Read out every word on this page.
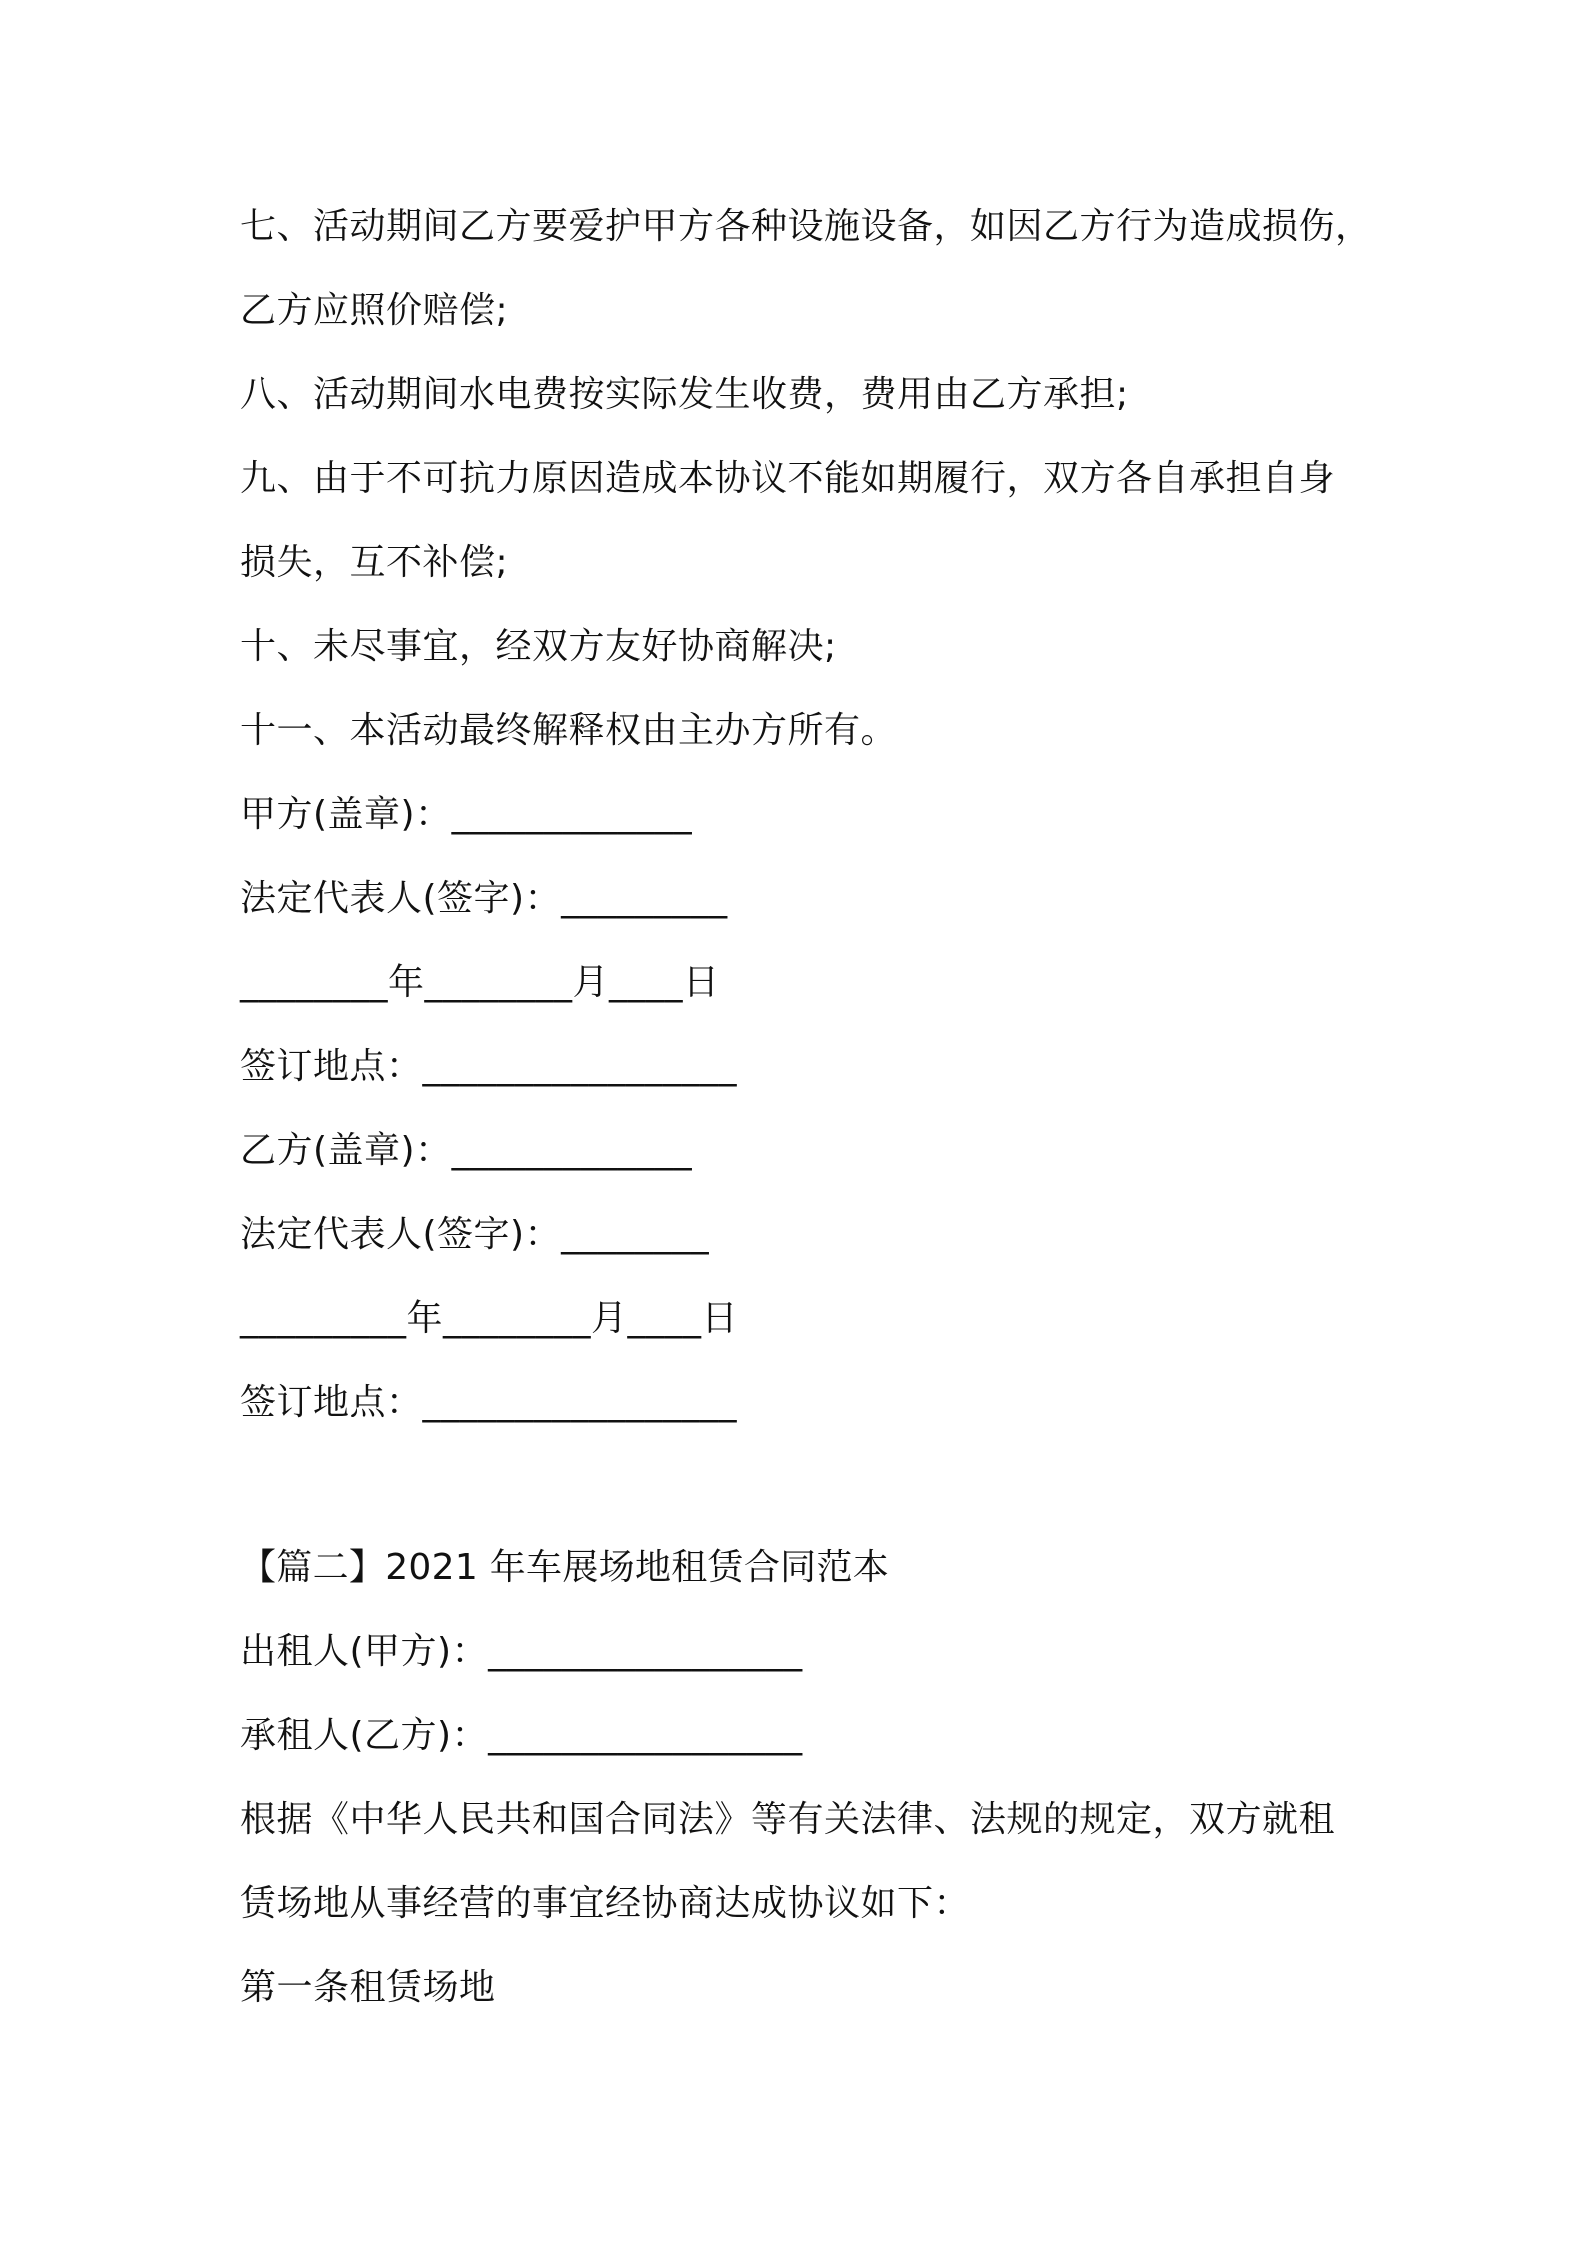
七、活动期间乙方要爱护甲方各种设施设备，如因乙方行为造成损伤，
乙方应照价赔偿;
八、活动期间水电费按实际发生收费，费用由乙方承担;
九、由于不可抗力原因造成本协议不能如期履行，双方各自承担自身
损失，互不补偿;
十、未尽事宜，经双方友好协商解决;
十一、本活动最终解释权由主办方所有。
甲方(盖章)：_____________
法定代表人(签字)：_________
________年________月____日
签订地点：_________________
乙方(盖章)：_____________
法定代表人(签字)：________
_________年________月____日
签订地点：_________________
【篇二】2021 年车展场地租赁合同范本
出租人(甲方)：_________________
承租人(乙方)：_________________
根据《中华人民共和国合同法》等有关法律、法规的规定，双方就租
赁场地从事经营的事宜经协商达成协议如下：
第一条租赁场地
